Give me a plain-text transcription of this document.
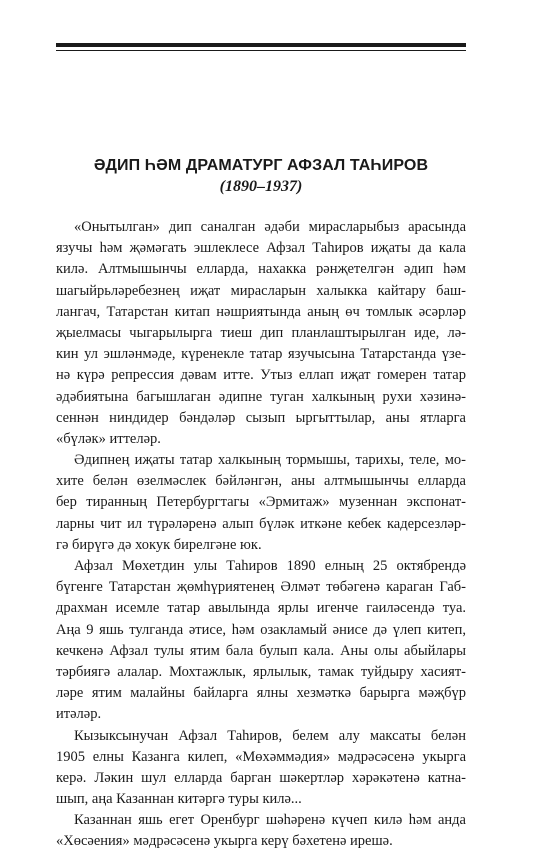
ӘДИП ҺӘМ ДРАМАТУРГ АФЗАЛ ТАҺИРОВ
(1890–1937)
«Онытылган» дип саналган әдәби мирасларыбыз арасында
язучы һәм җәмәгать эшлеклесе Афзал Таһиров иҗаты да кала
килә. Алтмышынчы елларда, нахакка рәнҗетелгән әдип һәм
шагыйрьләребезнең иҗат мирасларын халыкка кайтару баш-
лангач, Татарстан китап нәшриятында аның өч томлык әсәрләр
җыелмасы чыгарылырга тиеш дип планлаштырылган иде, лә-
кин ул эшләнмәде, күренекле татар язучысына Татарстанда үзе-
нә күрә репрессия дәвам итте. Утыз еллап иҗат гомерен татар
әдәбиятына багышлаган әдипне туган халкының рухи хәзинә-
сеннән ниндидер бәндәләр сызып ыргыттылар, аны ятларга
«бүләк» иттеләр.
Әдипнең иҗаты татар халкының тормышы, тарихы, теле, мо-
хите белән өзелмәслек бәйләнгән, аны алтмышынчы елларда
бер тиранның Петербургтагы «Эрмитаж» музеннан экспонат-
ларны чит ил түрәләренә алып бүләк иткәне кебек кадерсезләр-
гә бирүгә дә хокук бирелгәне юк.
Афзал Мөхетдин улы Таһиров 1890 елның 25 октябрендә
бүгенге Татарстан җөмһүриятенең Әлмәт төбәгенә караган Габ-
драхман исемле татар авылында ярлы игенче гаиләсендә туа.
Аңа 9 яшь тулганда әтисе, һәм озакламый әнисе дә үлеп китеп,
кечкенә Афзал тулы ятим бала булып кала. Аны олы абыйлары
тәрбиягә алалар. Мохтажлык, ярлылык, тамак туйдыру хасият-
ләре ятим малайны байларга ялны хезмәткә барырга мәҗбүр
итәләр.
Кызыксынучан Афзал Таһиров, белем алу максаты белән
1905 елны Казанга килеп, «Мөхәммәдия» мәдрәсәсенә укырга
керә. Ләкин шул елларда барган шәкертләр хәрәкәтенә катна-
шып, аңа Казаннан китәргә туры килә...
Казаннан яшь егет Оренбург шәһәренә күчеп килә һәм анда
«Хөсәения» мәдрәсәсенә укырга керү бәхетенә ирешә.
